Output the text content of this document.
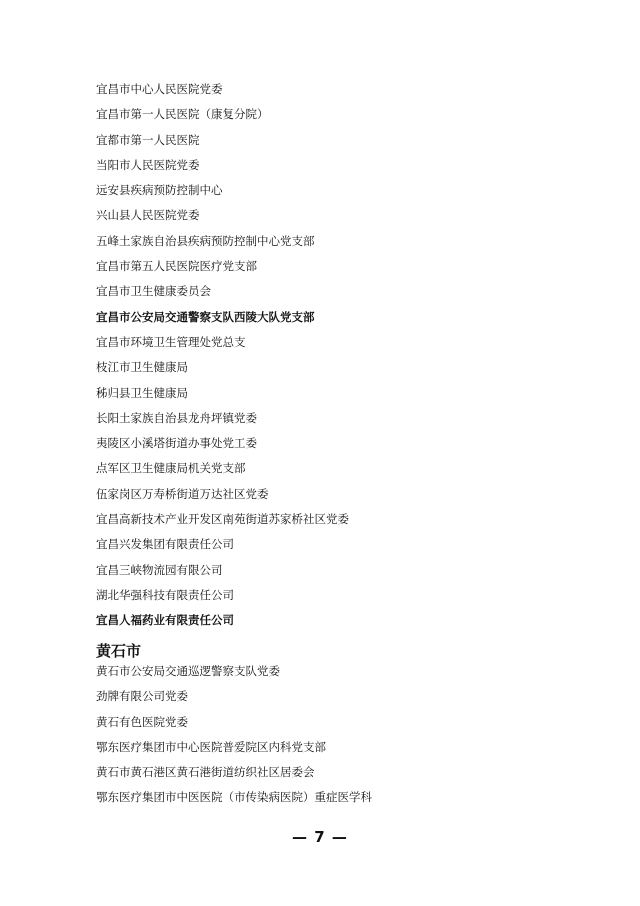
宜昌市中心人民医院党委
宜昌市第一人民医院（康复分院）
宜都市第一人民医院
当阳市人民医院党委
远安县疾病预防控制中心
兴山县人民医院党委
五峰土家族自治县疾病预防控制中心党支部
宜昌市第五人民医院医疗党支部
宜昌市卫生健康委员会
宜昌市公安局交通警察支队西陵大队党支部
宜昌市环境卫生管理处党总支
枝江市卫生健康局
秭归县卫生健康局
长阳土家族自治县龙舟坪镇党委
夷陵区小溪塔街道办事处党工委
点军区卫生健康局机关党支部
伍家岗区万寿桥街道万达社区党委
宜昌高新技术产业开发区南苑街道苏家桥社区党委
宜昌兴发集团有限责任公司
宜昌三峡物流园有限公司
湖北华强科技有限责任公司
宜昌人福药业有限责任公司
黄石市
黄石市公安局交通巡逻警察支队党委
劲牌有限公司党委
黄石有色医院党委
鄂东医疗集团市中心医院普爱院区内科党支部
黄石市黄石港区黄石港街道纺织社区居委会
鄂东医疗集团市中医医院（市传染病医院）重症医学科
— 7 —
